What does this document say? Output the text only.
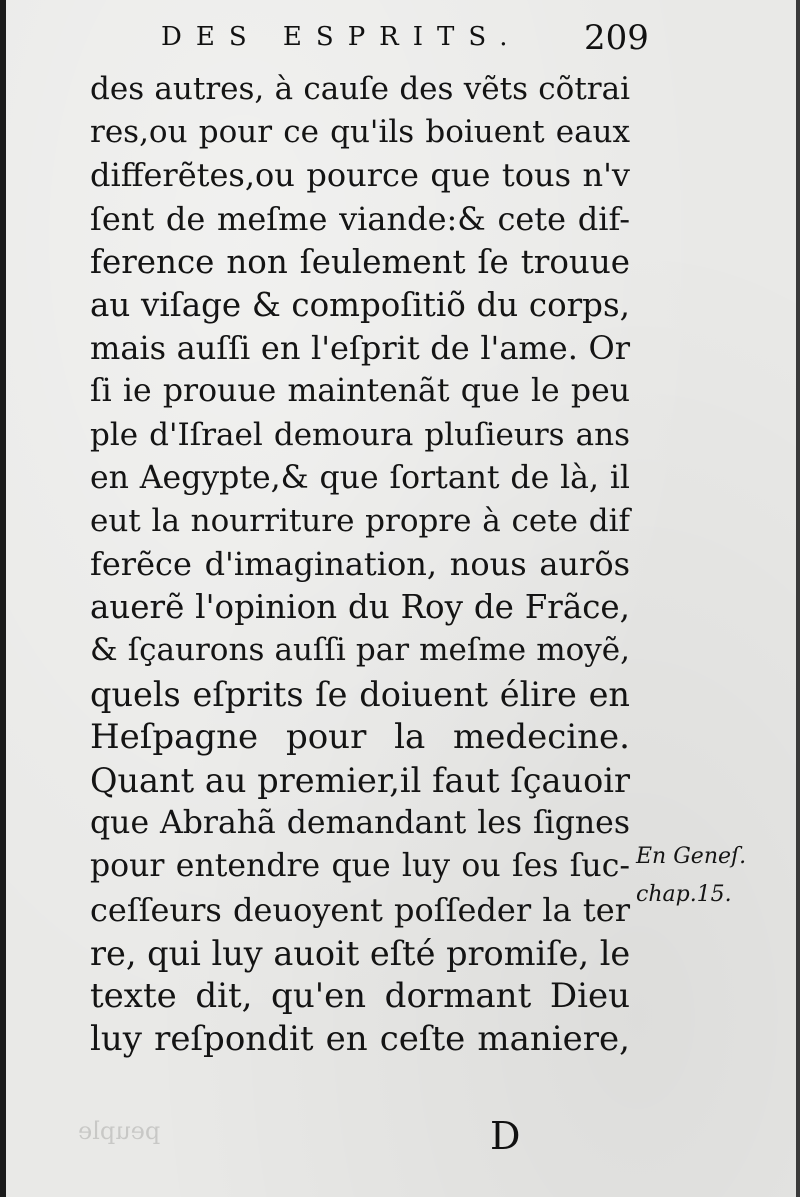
DES ESPRITS. 209
des autres, à cauſe des vẽts cõtrai
res,ou pour ce qu'ils boiuent eaux
differẽtes,ou pource que tous n'v
ſent de meſme viande:& cete dif-
ference non ſeulement ſe trouue
au viſage & compoſitiõ du corps,
mais auſſi en l'eſprit de l'ame. Or
ſi ie prouue maintenãt que le peu
ple d'Iſrael demoura pluſieurs ans
en Aegypte,& que ſortant de là, il
eut la nourriture propre à cete dif
ferẽce d'imagination, nous aurõs
auerẽ l'opinion du Roy de Frãce,
& ſçaurons auſſi par meſme moyẽ,
quels eſprits ſe doiuent élire en
Heſpagne pour la medecine.
Quant au premier,il faut ſçauoir
que Abrahã demandant les ſignes
pour entendre que luy ou ſes ſuc-
ceſſeurs deuoyent poſſeder la ter
re, qui luy auoit eſté promiſe, le
texte dit, qu'en dormant Dieu
luy reſpondit en ceſte maniere,
En Geneſ.
chap.15.
peuple	D
